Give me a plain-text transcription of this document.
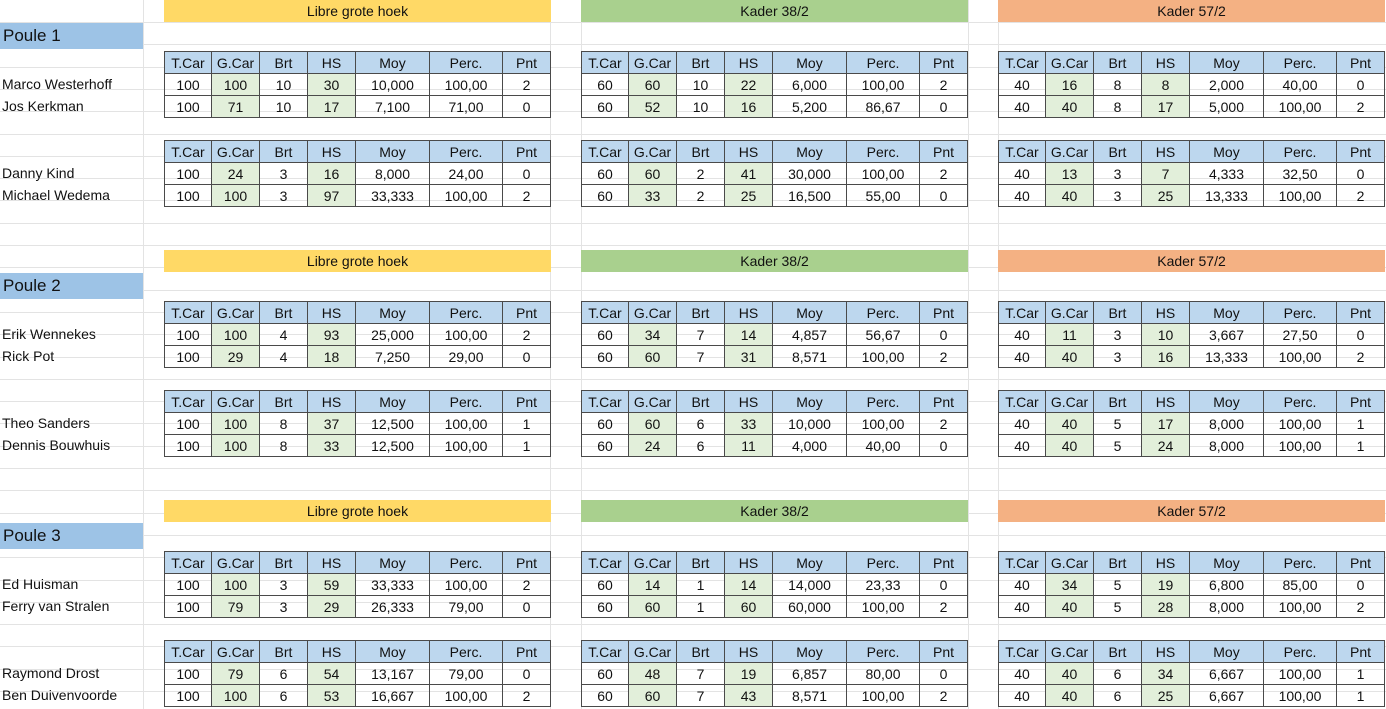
Libre grote hoek	Kader 38/2	Kader 57/2
Poule 1
Marco Westerhoff
Jos Kerkman
T.Car	G.Car	Brt	HS	Moy	Perc.	Pnt
100	100	10	30	10,000	100,00	2
100	71	10	17	7,100	71,00	0
T.Car	G.Car	Brt	HS	Moy	Perc.	Pnt
60	60	10	22	6,000	100,00	2
60	52	10	16	5,200	86,67	0
T.Car	G.Car	Brt	HS	Moy	Perc.	Pnt
40	16	8	8	2,000	40,00	0
40	40	8	17	5,000	100,00	2
Danny Kind
Michael Wedema
T.Car	G.Car	Brt	HS	Moy	Perc.	Pnt
100	24	3	16	8,000	24,00	0
100	100	3	97	33,333	100,00	2
T.Car	G.Car	Brt	HS	Moy	Perc.	Pnt
60	60	2	41	30,000	100,00	2
60	33	2	25	16,500	55,00	0
T.Car	G.Car	Brt	HS	Moy	Perc.	Pnt
40	13	3	7	4,333	32,50	0
40	40	3	25	13,333	100,00	2
Libre grote hoek	Kader 38/2	Kader 57/2
Poule 2
Erik Wennekes
Rick Pot
T.Car	G.Car	Brt	HS	Moy	Perc.	Pnt
100	100	4	93	25,000	100,00	2
100	29	4	18	7,250	29,00	0
T.Car	G.Car	Brt	HS	Moy	Perc.	Pnt
60	34	7	14	4,857	56,67	0
60	60	7	31	8,571	100,00	2
T.Car	G.Car	Brt	HS	Moy	Perc.	Pnt
40	11	3	10	3,667	27,50	0
40	40	3	16	13,333	100,00	2
Theo Sanders
Dennis Bouwhuis
T.Car	G.Car	Brt	HS	Moy	Perc.	Pnt
100	100	8	37	12,500	100,00	1
100	100	8	33	12,500	100,00	1
T.Car	G.Car	Brt	HS	Moy	Perc.	Pnt
60	60	6	33	10,000	100,00	2
60	24	6	11	4,000	40,00	0
T.Car	G.Car	Brt	HS	Moy	Perc.	Pnt
40	40	5	17	8,000	100,00	1
40	40	5	24	8,000	100,00	1
Libre grote hoek	Kader 38/2	Kader 57/2
Poule 3
Ed Huisman
Ferry van Stralen
T.Car	G.Car	Brt	HS	Moy	Perc.	Pnt
100	100	3	59	33,333	100,00	2
100	79	3	29	26,333	79,00	0
T.Car	G.Car	Brt	HS	Moy	Perc.	Pnt
60	14	1	14	14,000	23,33	0
60	60	1	60	60,000	100,00	2
T.Car	G.Car	Brt	HS	Moy	Perc.	Pnt
40	34	5	19	6,800	85,00	0
40	40	5	28	8,000	100,00	2
Raymond Drost
Ben Duivenvoorde
T.Car	G.Car	Brt	HS	Moy	Perc.	Pnt
100	79	6	54	13,167	79,00	0
100	100	6	53	16,667	100,00	2
T.Car	G.Car	Brt	HS	Moy	Perc.	Pnt
60	48	7	19	6,857	80,00	0
60	60	7	43	8,571	100,00	2
T.Car	G.Car	Brt	HS	Moy	Perc.	Pnt
40	40	6	34	6,667	100,00	1
40	40	6	25	6,667	100,00	1
